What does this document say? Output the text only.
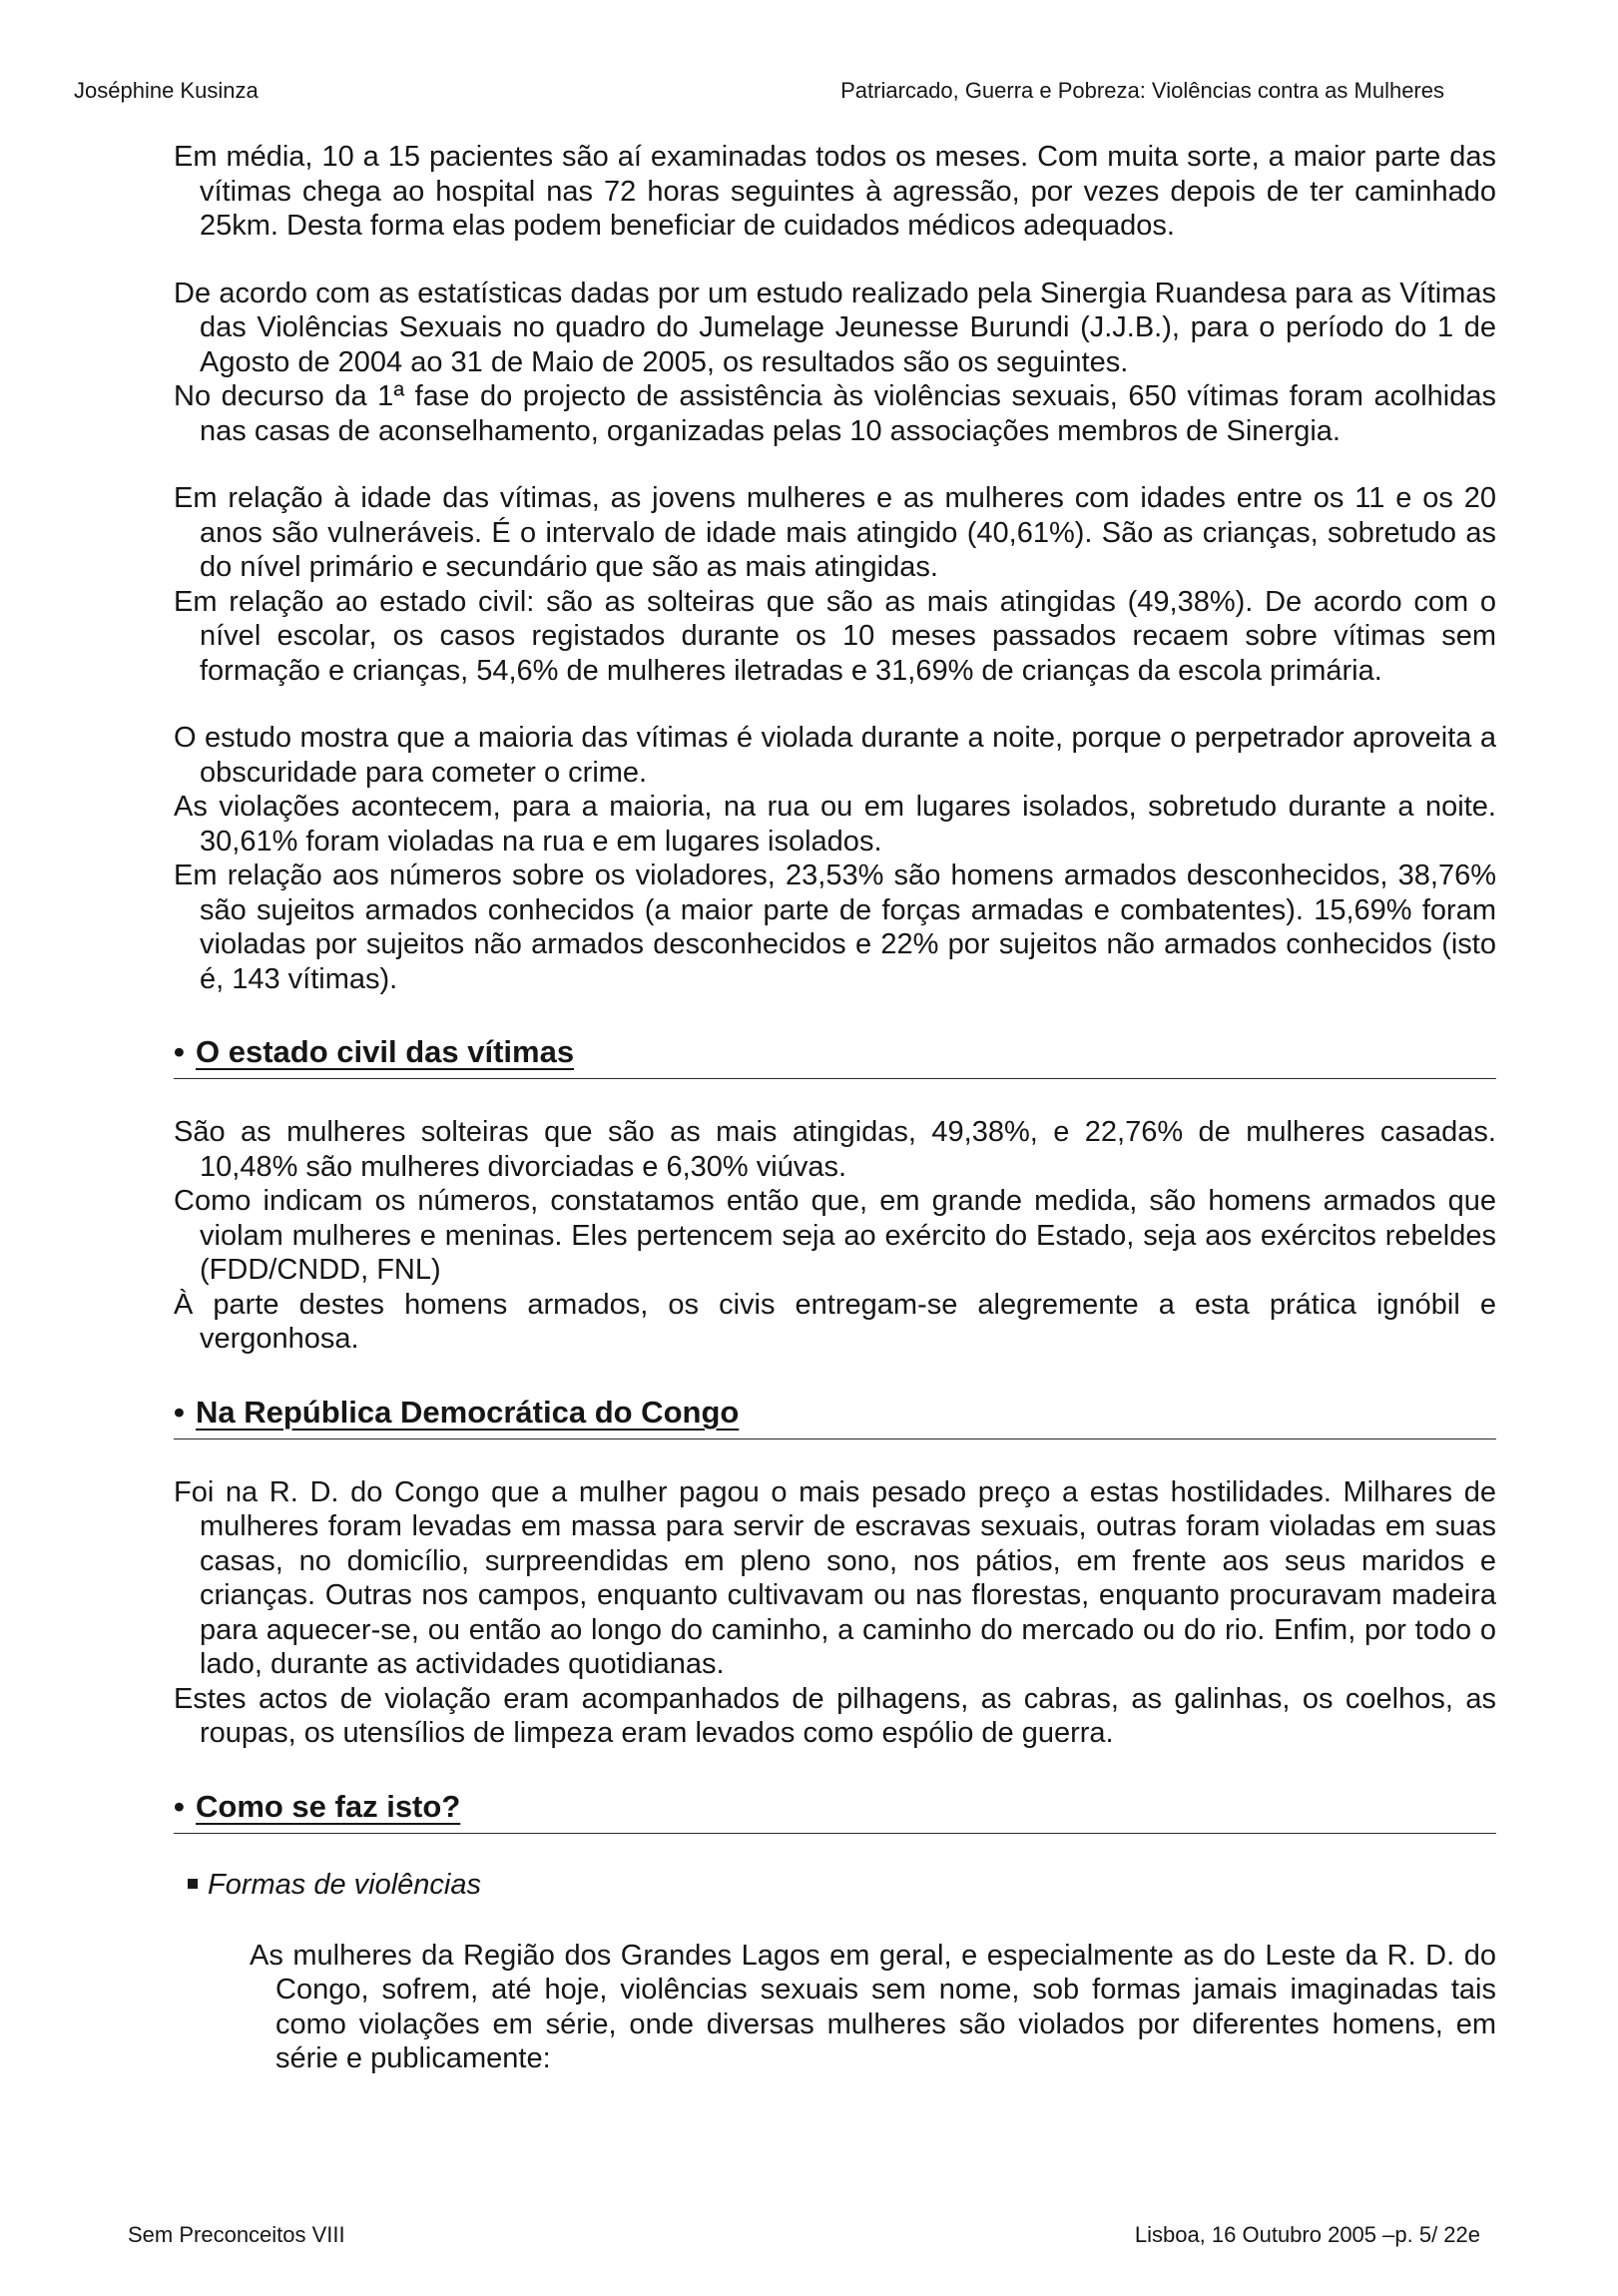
Joséphine Kusinza	Patriarcado, Guerra e Pobreza: Violências contra as Mulheres

Em média, 10 a 15 pacientes são aí examinadas todos os meses. Com muita sorte, a maior parte das vítimas chega ao hospital nas 72 horas seguintes à agressão, por vezes depois de ter caminhado 25km. Desta forma elas podem beneficiar de cuidados médicos adequados.

De acordo com as estatísticas dadas por um estudo realizado pela Sinergia Ruandesa para as Vítimas das Violências Sexuais no quadro do Jumelage Jeunesse Burundi (J.J.B.), para o período do 1 de Agosto de 2004 ao 31 de Maio de 2005, os resultados são os seguintes.

No decurso da 1ª fase do projecto de assistência às violências sexuais, 650 vítimas foram acolhidas nas casas de aconselhamento, organizadas pelas 10 associações membros de Sinergia.

Em relação à idade das vítimas, as jovens mulheres e as mulheres com idades entre os 11 e os 20 anos são vulneráveis. É o intervalo de idade mais atingido (40,61%). São as crianças, sobretudo as do nível primário e secundário que são as mais atingidas.

Em relação ao estado civil: são as solteiras que são as mais atingidas (49,38%). De acordo com o nível escolar, os casos registados durante os 10 meses passados recaem sobre vítimas sem formação e crianças, 54,6% de mulheres iletradas e 31,69% de crianças da escola primária.

O estudo mostra que a maioria das vítimas é violada durante a noite, porque o perpetrador aproveita a obscuridade para cometer o crime.

As violações acontecem, para a maioria, na rua ou em lugares isolados, sobretudo durante a noite. 30,61% foram violadas na rua e em lugares isolados.

Em relação aos números sobre os violadores, 23,53% são homens armados desconhecidos, 38,76% são sujeitos armados conhecidos (a maior parte de forças armadas e combatentes). 15,69% foram violadas por sujeitos não armados desconhecidos e 22% por sujeitos não armados conhecidos (isto é, 143 vítimas).

• O estado civil das vítimas

São as mulheres solteiras que são as mais atingidas, 49,38%, e 22,76% de mulheres casadas. 10,48% são mulheres divorciadas e 6,30% viúvas.

Como indicam os números, constatamos então que, em grande medida, são homens armados que violam mulheres e meninas. Eles pertencem seja ao exército do Estado, seja aos exércitos rebeldes (FDD/CNDD, FNL)

À parte destes homens armados, os civis entregam-se alegremente a esta prática ignóbil e vergonhosa.

• Na República Democrática do Congo

Foi na R. D. do Congo que a mulher pagou o mais pesado preço a estas hostilidades. Milhares de mulheres foram levadas em massa para servir de escravas sexuais, outras foram violadas em suas casas, no domicílio, surpreendidas em pleno sono, nos pátios, em frente aos seus maridos e crianças. Outras nos campos, enquanto cultivavam ou nas florestas, enquanto procuravam madeira para aquecer-se, ou então ao longo do caminho, a caminho do mercado ou do rio. Enfim, por todo o lado, durante as actividades quotidianas.

Estes actos de violação eram acompanhados de pilhagens, as cabras, as galinhas, os coelhos, as roupas, os utensílios de limpeza eram levados como espólio de guerra.

• Como se faz isto?

Formas de violências

As mulheres da Região dos Grandes Lagos em geral, e especialmente as do Leste da R. D. do Congo, sofrem, até hoje, violências sexuais sem nome, sob formas jamais imaginadas tais como violações em série, onde diversas mulheres são violados por diferentes homens, em série e publicamente:

Sem Preconceitos VIII	Lisboa, 16 Outubro 2005 –p. 5/ 22e
